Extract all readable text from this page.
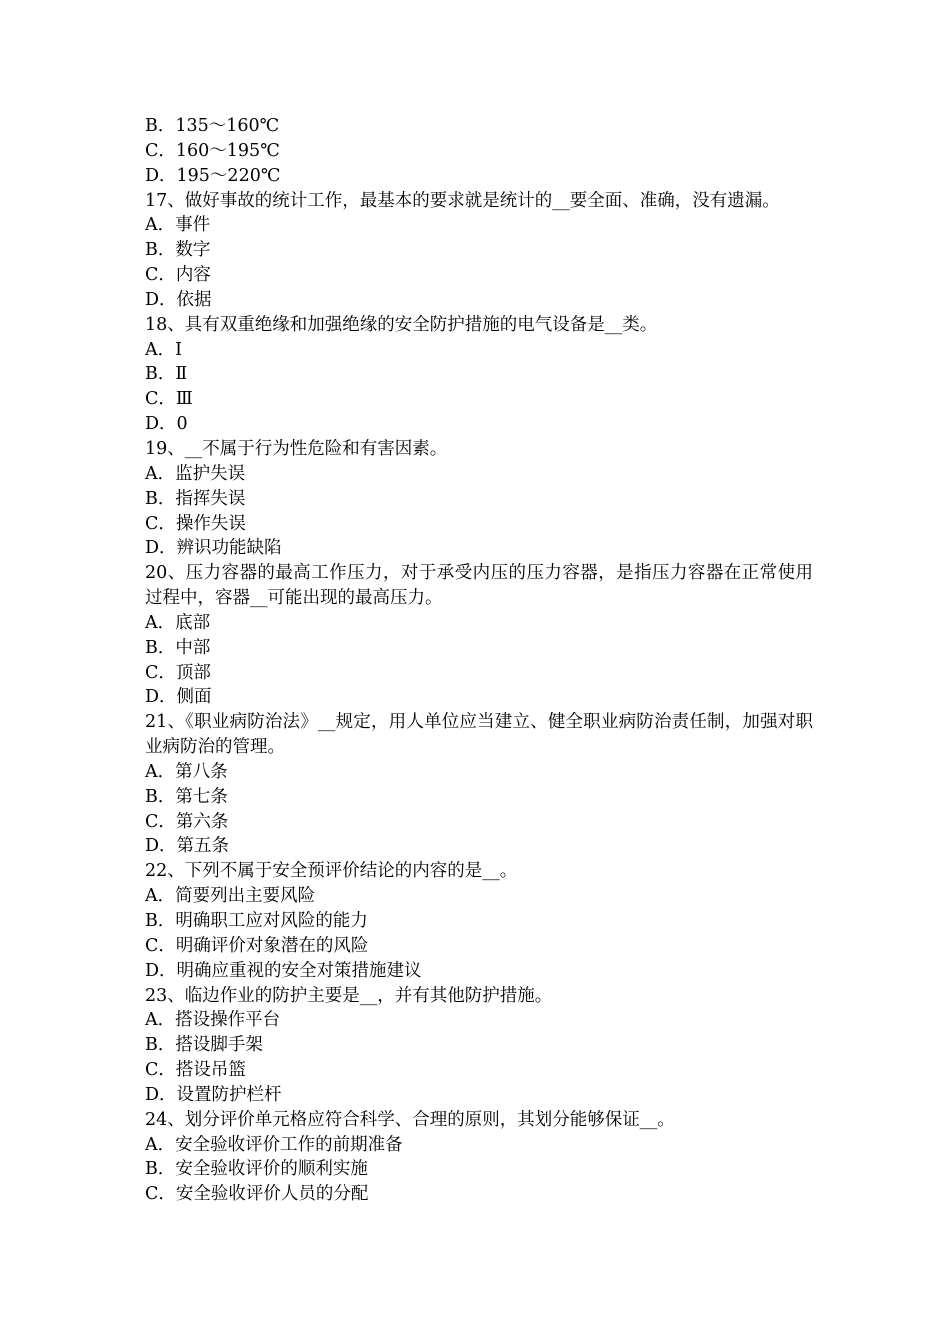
B．135～160℃
C．160～195℃
D．195～220℃
17、做好事故的统计工作，最基本的要求就是统计的__要全面、准确，没有遗漏。
A．事件
B．数字
C．内容
D．依据
18、具有双重绝缘和加强绝缘的安全防护措施的电气设备是__类。
A．Ⅰ
B．Ⅱ
C．Ⅲ
D．0
19、__不属于行为性危险和有害因素。
A．监护失误
B．指挥失误
C．操作失误
D．辨识功能缺陷
20、压力容器的最高工作压力，对于承受内压的压力容器，是指压力容器在正常使用过程中，容器__可能出现的最高压力。
A．底部
B．中部
C．顶部
D．侧面
21、《职业病防治法》__规定，用人单位应当建立、健全职业病防治责任制，加强对职业病防治的管理。
A．第八条
B．第七条
C．第六条
D．第五条
22、下列不属于安全预评价结论的内容的是__。
A．简要列出主要风险
B．明确职工应对风险的能力
C．明确评价对象潜在的风险
D．明确应重视的安全对策措施建议
23、临边作业的防护主要是__，并有其他防护措施。
A．搭设操作平台
B．搭设脚手架
C．搭设吊篮
D．设置防护栏杆
24、划分评价单元格应符合科学、合理的原则，其划分能够保证__。
A．安全验收评价工作的前期准备
B．安全验收评价的顺利实施
C．安全验收评价人员的分配
